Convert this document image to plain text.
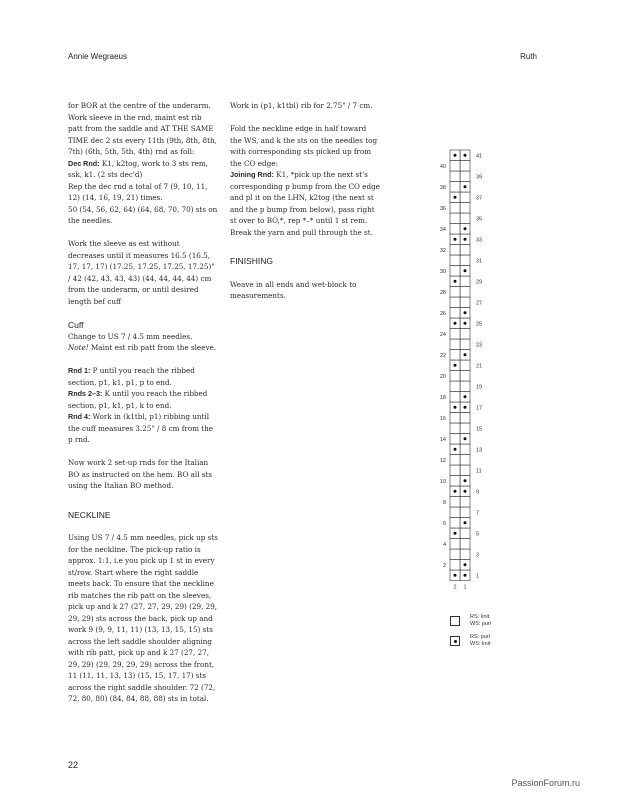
Annie Wegraeus	Ruth

for BOR at the centre of the underarm.

Work sleeve in the rnd, maint est rib patt from the saddle and AT THE SAME TIME dec 2 sts every 11th (9th, 8th, 8th, 7th) (6th, 5th, 5th, 4th) rnd as foll:

Dec Rnd: K1, k2tog, work to 3 sts rem, ssk, k1. (2 sts dec'd)

Rep the dec rnd a total of 7 (9, 10, 11, 12) (14, 16, 19, 21) times.

50 (54, 56, 62, 64) (64, 68, 70, 70) sts on the needles.

Work the sleeve as est without decreases until it measures 16.5 (16.5, 17, 17, 17) (17.25, 17.25, 17.25, 17.25)" / 42 (42, 43, 43, 43) (44, 44, 44, 44) cm from the underarm, or until desired length bef cuff

Cuff

Change to US 7 / 4.5 mm needles.

Note! Maint est rib patt from the sleeve.

Rnd 1: P until you reach the ribbed section, p1, k1, p1, p to end.

Rnds 2–3: K until you reach the ribbed section, p1, k1, p1, k to end.

Rnd 4: Work in (k1tbl, p1) ribbing until the cuff measures 3.25" / 8 cm from the p rnd.

Now work 2 set-up rnds for the Italian BO as instructed on the hem. BO all sts using the Italian BO method.

NECKLINE

Using US 7 / 4.5 mm needles, pick up sts for the neckline. The pick-up ratio is approx. 1:1, i.e you pick up 1 st in every st/row. Start where the right saddle meets back. To ensure that the neckline rib matches the rib patt on the sleeves, pick up and k 27 (27, 27, 29, 29) (29, 29, 29, 29) sts across the back, pick up and work 9 (9, 9, 11, 11) (13, 13, 15, 15) sts across the left saddle shoulder aligning with rib patt, pick up and k 27 (27, 27, 29, 29) (29, 29, 29, 29) across the front, 11 (11, 11, 13, 13) (15, 15, 17, 17) sts across the right saddle shoulder. 72 (72, 72, 80, 80) (84, 84, 88, 88) sts in total.

Work in (p1, k1tbl) rib for 2.75" / 7 cm.

Fold the neckline edge in half toward the WS, and k the sts on the needles tog with corresponding sts picked up from the CO edge:

Joining Rnd: K1, *pick up the next st's corresponding p bump from the CO edge and pl it on the LHN, k2tog (the next st and the p bump from below), pass right st over to BO,*, rep *–* until 1 st rem. Break the yarn and pull through the st.

FINISHING

Weave in all ends and wet-block to measurements.

1
3
5
7
9
11
13
15
17
19
21
23
25
27
29
31
33
35
37
39
41
2
4
6
8
10
12
14
16
18
20
22
24
26
28
30
32
34
36
38
40
2 1
RS: knit
WS: purl
RS: purl
WS: knit
22
PassionForum.ru
